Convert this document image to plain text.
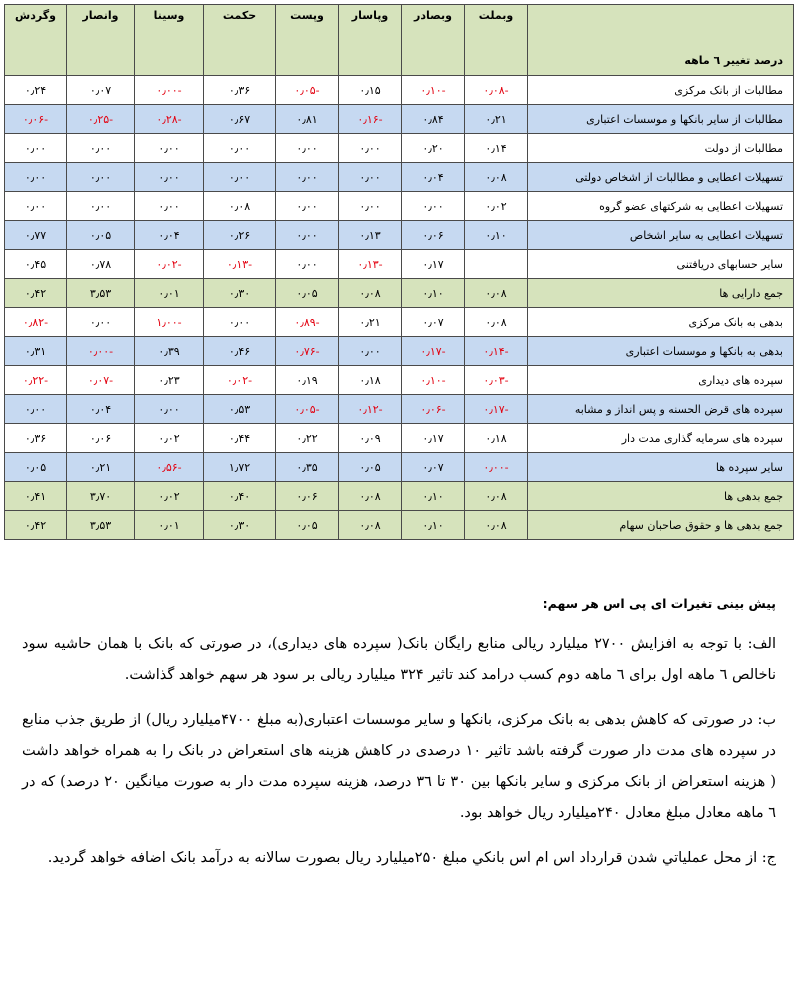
درصد تغییر ٦ ماهه	وبملت	وبصادر	وپاسار	وپست	حکمت	وسینا	وانصار	وگردش
مطالبات از بانک مرکزی	-۰٫۰۸	-۰٫۱۰	۰٫۱۵	-۰٫۰۵	۰٫۳۶	-۰٫۰۰	۰٫۰۷	۰٫۲۴
مطالبات از سایر بانکها و موسسات اعتباری	۰٫۲۱	۰٫۸۴	-۰٫۱۶	۰٫۸۱	۰٫۶۷	-۰٫۲۸	-۰٫۲۵	-۰٫۰۶
مطالبات از دولت	۰٫۱۴	۰٫۲۰	۰٫۰۰	۰٫۰۰	۰٫۰۰	۰٫۰۰	۰٫۰۰	۰٫۰۰
تسهیلات اعطایی و مطالبات از اشخاص دولتی	۰٫۰۸	۰٫۰۴	۰٫۰۰	۰٫۰۰	۰٫۰۰	۰٫۰۰	۰٫۰۰	۰٫۰۰
تسهیلات اعطایی به شرکتهای عضو گروه	۰٫۰۲	۰٫۰۰	۰٫۰۰	۰٫۰۰	۰٫۰۸	۰٫۰۰	۰٫۰۰	۰٫۰۰
تسهیلات اعطایی به سایر اشخاص	۰٫۱۰	۰٫۰۶	۰٫۱۳	۰٫۰۰	۰٫۲۶	۰٫۰۴	۰٫۰۵	۰٫۷۷
سایر حسابهای دریافتنی		۰٫۱۷	-۰٫۱۳	۰٫۰۰	-۰٫۱۳	-۰٫۰۲	۰٫۷۸	۰٫۴۵
جمع دارایی ها	۰٫۰۸	۰٫۱۰	۰٫۰۸	۰٫۰۵	۰٫۳۰	۰٫۰۱	۳٫۵۳	۰٫۴۲
بدهی به بانک مرکزی	۰٫۰۸	۰٫۰۷	۰٫۲۱	-۰٫۸۹	۰٫۰۰	-۱٫۰۰	۰٫۰۰	-۰٫۸۲
بدهی به بانکها و موسسات اعتباری	-۰٫۱۴	-۰٫۱۷	۰٫۰۰	-۰٫۷۶	۰٫۴۶	۰٫۳۹	-۰٫۰۰	۰٫۳۱
سپرده های دیداری	-۰٫۰۳	-۰٫۱۰	۰٫۱۸	۰٫۱۹	-۰٫۰۲	۰٫۲۳	-۰٫۰۷	-۰٫۲۲
سپرده های قرض الحسنه و پس انداز و مشابه	-۰٫۱۷	-۰٫۰۶	-۰٫۱۲	-۰٫۰۵	۰٫۵۳	۰٫۰۰	۰٫۰۴	۰٫۰۰
سپرده های سرمایه گذاری مدت دار	۰٫۱۸	۰٫۱۷	۰٫۰۹	۰٫۲۲	۰٫۴۴	۰٫۰۲	۰٫۰۶	۰٫۳۶
سایر سپرده ها	-۰٫۰۰	۰٫۰۷	۰٫۰۵	۰٫۳۵	۱٫۷۲	-۰٫۵۶	۰٫۲۱	۰٫۰۵
جمع بدهی ها	۰٫۰۸	۰٫۱۰	۰٫۰۸	۰٫۰۶	۰٫۴۰	۰٫۰۲	۳٫۷۰	۰٫۴۱
جمع بدهی ها و حقوق صاحبان سهام	۰٫۰۸	۰٫۱۰	۰٫۰۸	۰٫۰۵	۰٫۳۰	۰٫۰۱	۳٫۵۳	۰٫۴۲

پیش بینی تغیرات ای پی اس هر سهم:

الف: با توجه به افزایش ۲۷۰۰ میلیارد ریالی منابع رایگان بانک( سپرده های دیداری)، در صورتی که بانک با همان حاشیه سود ناخالص ٦ ماهه اول برای ٦ ماهه دوم کسب درامد کند تاثیر ۳۲۴ میلیارد ریالی بر سود هر سهم خواهد گذاشت.

ب: در صورتی که کاهش بدهی به بانک مرکزی، بانکها و سایر موسسات اعتباری(به مبلغ ۴۷۰۰میلیارد ریال) از طریق جذب منابع در سپرده های مدت دار صورت گرفته باشد تاثیر ۱۰ درصدی در کاهش هزینه های استعراض در بانک را به همراه خواهد داشت ( هزینه استعراض از بانک مرکزی و سایر بانکها بین ۳۰ تا ۳٦ درصد، هزینه سپرده مدت دار به صورت میانگین ۲۰ درصد) که در ٦ ماهه معادل مبلغ معادل ۲۴۰میلیارد ریال خواهد بود.

ج: از محل عملیاتي شدن قرارداد اس ام اس بانکي مبلغ ۲۵۰میلیارد ریال بصورت سالانه به درآمد بانک اضافه خواهد گردید.
